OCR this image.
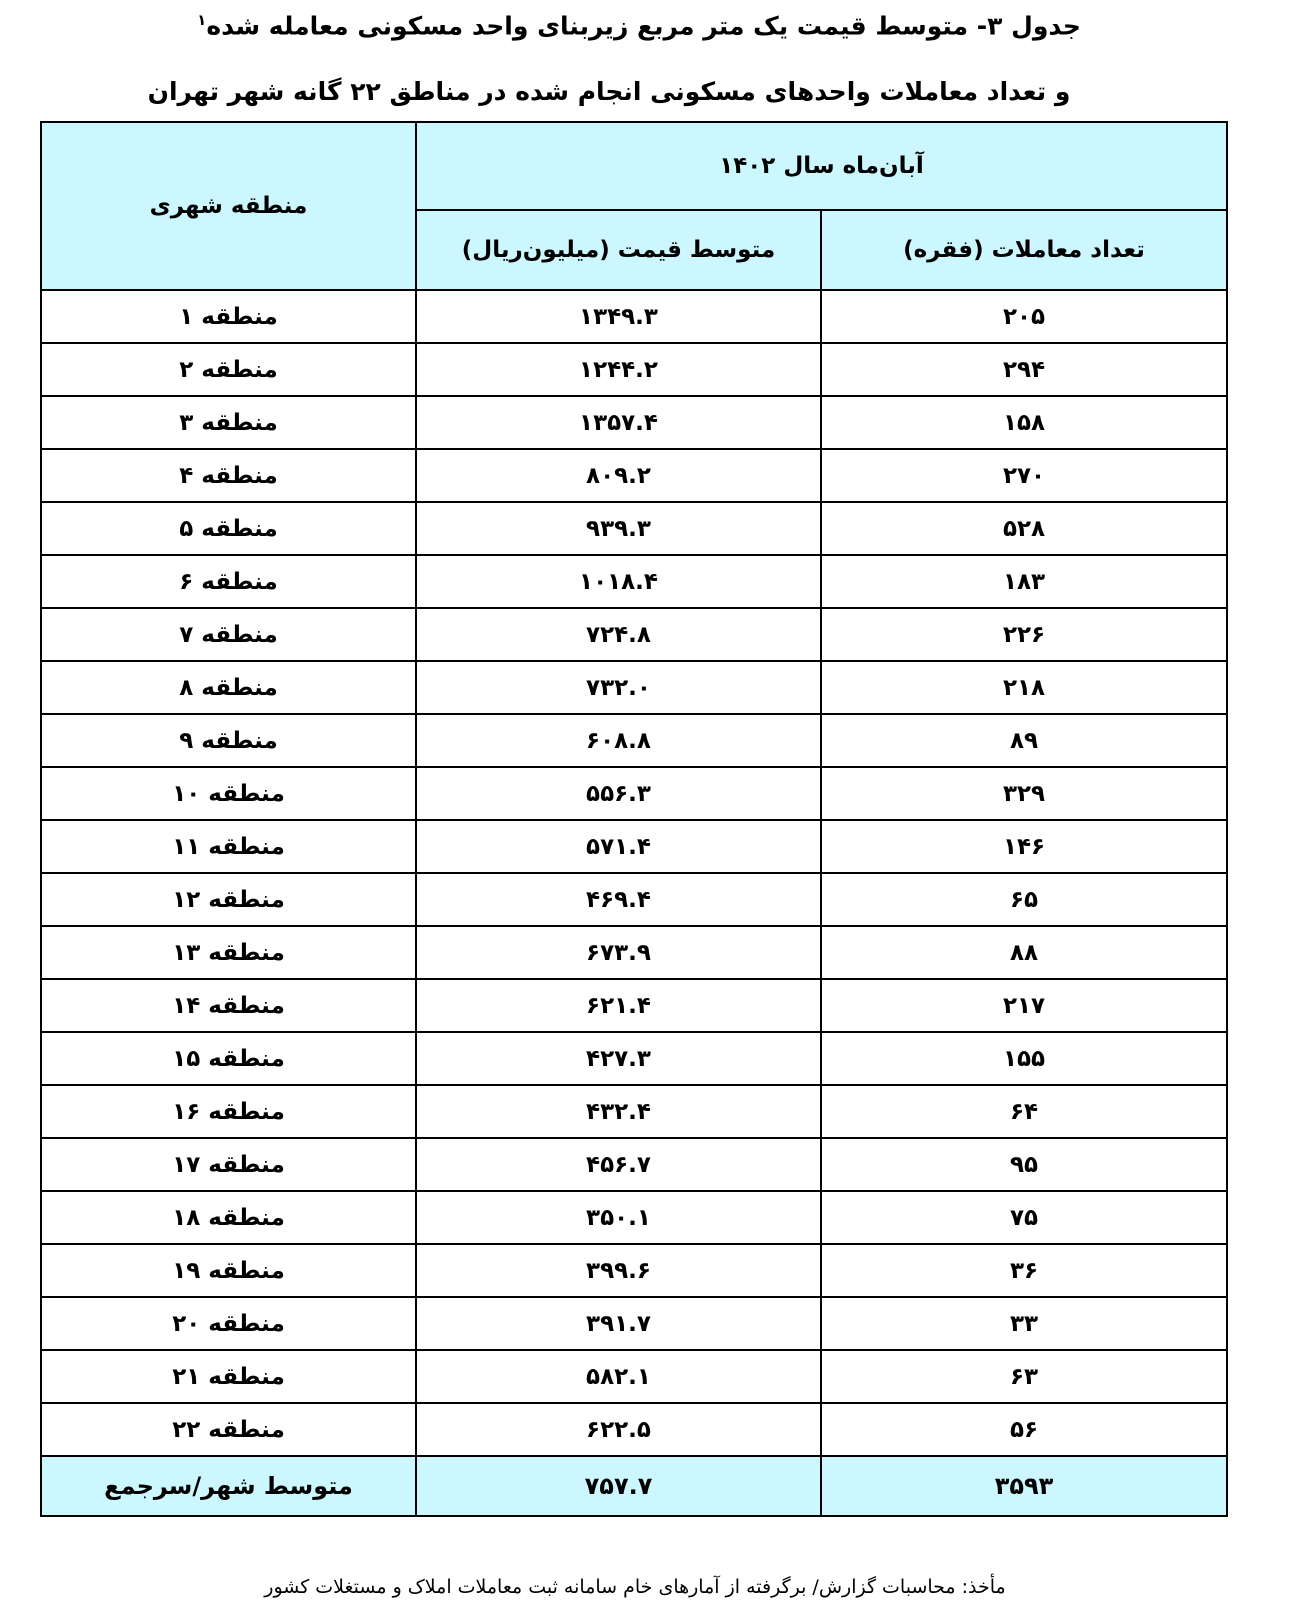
جدول ۳- متوسط قیمت یک متر مربع زیربنای واحد مسکونی معامله شده$^۱$
و تعداد معاملات واحدهای مسکونی انجام شده در مناطق ۲۲ گانه شهر تهران
آبان‌ماه سال ۱۴۰۲		منطقه شهری
تعداد معاملات (فقره)	متوسط قیمت (میلیون‌ریال)	
۲۰۵	۱۳۴۹.۳	منطقه ۱
۲۹۴	۱۲۴۴.۲	منطقه ۲
۱۵۸	۱۳۵۷.۴	منطقه ۳
۲۷۰	۸۰۹.۲	منطقه ۴
۵۲۸	۹۳۹.۳	منطقه ۵
۱۸۳	۱۰۱۸.۴	منطقه ۶
۲۲۶	۷۲۴.۸	منطقه ۷
۲۱۸	۷۳۲.۰	منطقه ۸
۸۹	۶۰۸.۸	منطقه ۹
۳۲۹	۵۵۶.۳	منطقه ۱۰
۱۴۶	۵۷۱.۴	منطقه ۱۱
۶۵	۴۶۹.۴	منطقه ۱۲
۸۸	۶۷۳.۹	منطقه ۱۳
۲۱۷	۶۲۱.۴	منطقه ۱۴
۱۵۵	۴۲۷.۳	منطقه ۱۵
۶۴	۴۳۲.۴	منطقه ۱۶
۹۵	۴۵۶.۷	منطقه ۱۷
۷۵	۳۵۰.۱	منطقه ۱۸
۳۶	۳۹۹.۶	منطقه ۱۹
۳۳	۳۹۱.۷	منطقه ۲۰
۶۳	۵۸۲.۱	منطقه ۲۱
۵۶	۶۲۲.۵	منطقه ۲۲
۳۵۹۳	۷۵۷.۷	متوسط شهر/سرجمع
مأخذ: محاسبات گزارش/ برگرفته از آمارهای خام سامانه ثبت معاملات املاک و مستغلات کشور
